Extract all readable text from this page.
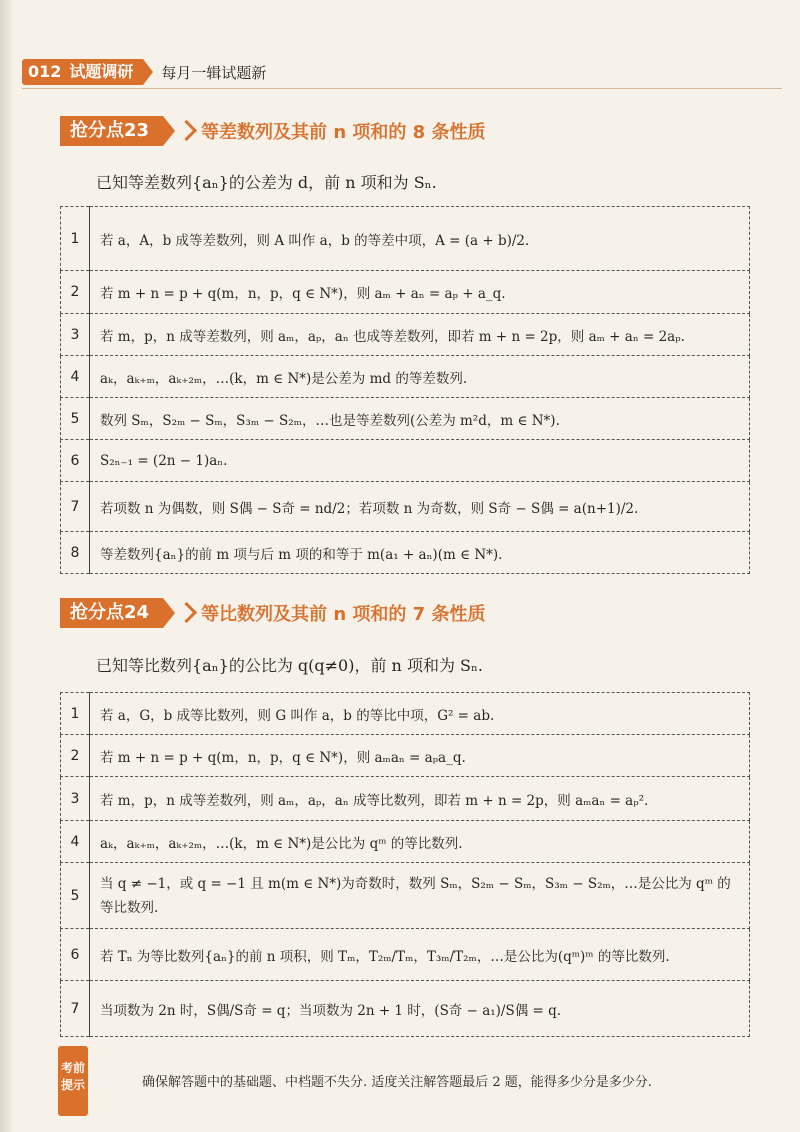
012 试题调研	每月一辑试题新
抢分点23	等差数列及其前 n 项和的 8 条性质
已知等差数列{aₙ}的公差为 d，前 n 项和为 Sₙ.
1	若 a，A，b 成等差数列，则 A 叫作 a，b 的等差中项，A = (a + b)/2.
2	若 m + n = p + q(m，n，p，q ∈ N*)，则 aₘ + aₙ = aₚ + a_q.
3	若 m，p，n 成等差数列，则 aₘ，aₚ，aₙ 也成等差数列，即若 m + n = 2p，则 aₘ + aₙ = 2aₚ.
4	aₖ，aₖ₊ₘ，aₖ₊₂ₘ，…(k，m ∈ N*)是公差为 md 的等差数列.
5	数列 Sₘ，S₂ₘ − Sₘ，S₃ₘ − S₂ₘ，…也是等差数列(公差为 m²d，m ∈ N*).
6	S₂ₙ₋₁ = (2n − 1)aₙ.
7	若项数 n 为偶数，则 S偶 − S奇 = nd/2；若项数 n 为奇数，则 S奇 − S偶 = a(n+1)/2.
8	等差数列{aₙ}的前 m 项与后 m 项的和等于 m(a₁ + aₙ)(m ∈ N*).
抢分点24	等比数列及其前 n 项和的 7 条性质
已知等比数列{aₙ}的公比为 q(q≠0)，前 n 项和为 Sₙ.
1	若 a，G，b 成等比数列，则 G 叫作 a，b 的等比中项，G² = ab.
2	若 m + n = p + q(m，n，p，q ∈ N*)，则 aₘaₙ = aₚa_q.
3	若 m，p，n 成等差数列，则 aₘ，aₚ，aₙ 成等比数列，即若 m + n = 2p，则 aₘaₙ = aₚ².
4	aₖ，aₖ₊ₘ，aₖ₊₂ₘ，…(k，m ∈ N*)是公比为 qᵐ 的等比数列.
5	当 q ≠ −1，或 q = −1 且 m(m ∈ N*)为奇数时，数列 Sₘ，S₂ₘ − Sₘ，S₃ₘ − S₂ₘ，…是公比为 qᵐ 的等比数列.
6	若 Tₙ 为等比数列{aₙ}的前 n 项积，则 Tₘ，T₂ₘ/Tₘ，T₃ₘ/T₂ₘ，…是公比为(qᵐ)ᵐ 的等比数列.
7	当项数为 2n 时，S偶/S奇 = q；当项数为 2n + 1 时，(S奇 − a₁)/S偶 = q.
考前
提示	确保解答题中的基础题、中档题不失分. 适度关注解答题最后 2 题，能得多少分是多少分.
